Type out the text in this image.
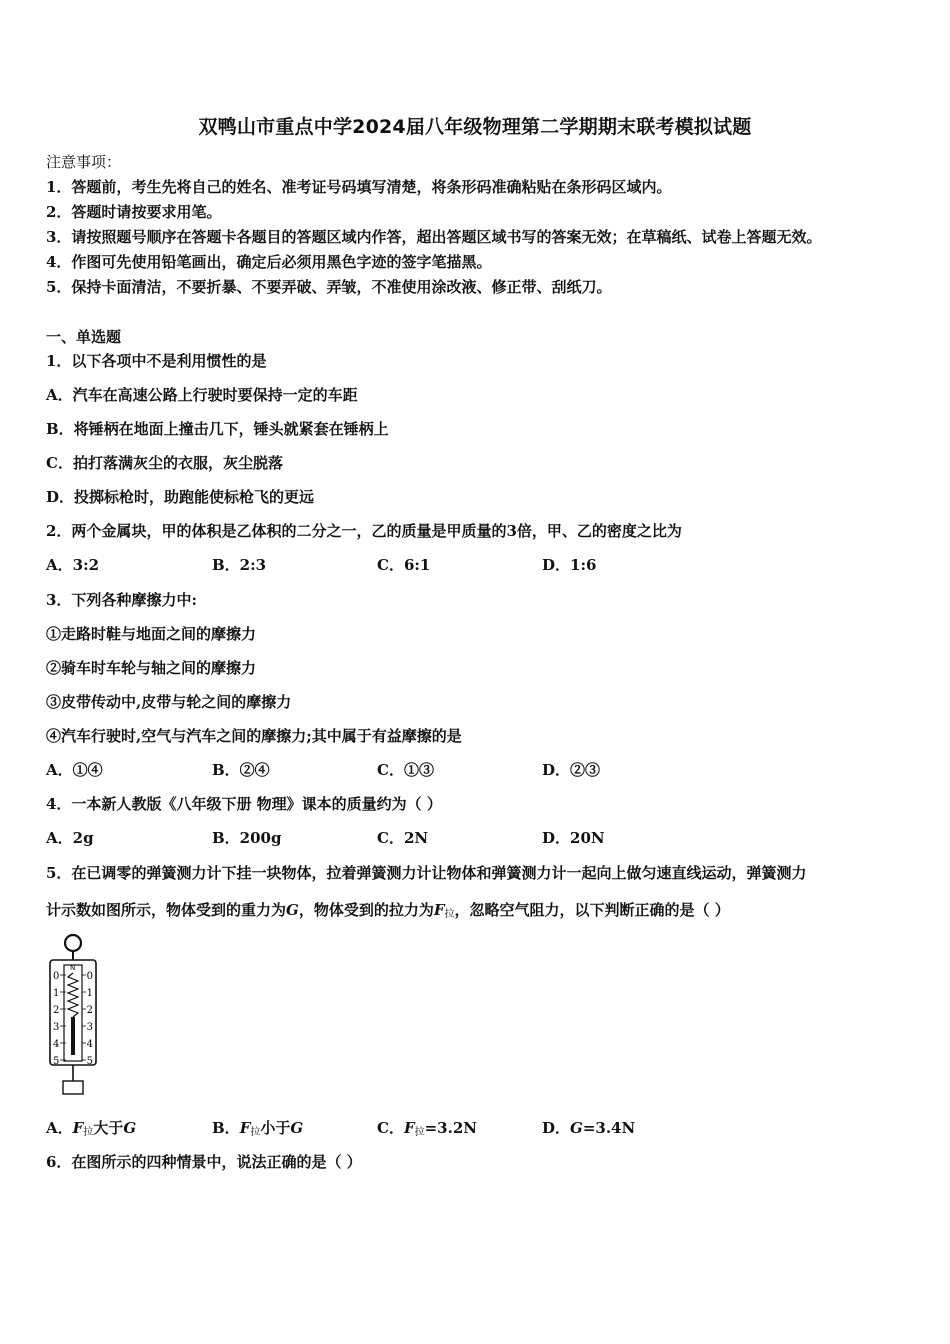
双鸭山市重点中学2024届八年级物理第二学期期末联考模拟试题
注意事项：
1．答题前，考生先将自己的姓名、准考证号码填写清楚，将条形码准确粘贴在条形码区域内。
2．答题时请按要求用笔。
3．请按照题号顺序在答题卡各题目的答题区域内作答，超出答题区域书写的答案无效；在草稿纸、试卷上答题无效。
4．作图可先使用铅笔画出，确定后必须用黑色字迹的签字笔描黑。
5．保持卡面清洁，不要折暴、不要弄破、弄皱，不准使用涂改液、修正带、刮纸刀。
一、单选题
1．以下各项中不是利用惯性的是
A．汽车在高速公路上行驶时要保持一定的车距
B．将锤柄在地面上撞击几下，锤头就紧套在锤柄上
C．拍打落满灰尘的衣服，灰尘脱落
D．投掷标枪时，助跑能使标枪飞的更远
2．两个金属块，甲的体积是乙体积的二分之一，乙的质量是甲质量的3倍，甲、乙的密度之比为
A．3:2	B．2:3	C．6:1	D．1:6
3．下列各种摩擦力中:
①走路时鞋与地面之间的摩擦力
②骑车时车轮与轴之间的摩擦力
③皮带传动中,皮带与轮之间的摩擦力
④汽车行驶时,空气与汽车之间的摩擦力;其中属于有益摩擦的是
A．①④	B．②④	C．①③	D．②③
4．一本新人教版《八年级下册 物理》课本的质量约为（ ）
A．2g	B．200g	C．2N	D．20N
5．在已调零的弹簧测力计下挂一块物体，拉着弹簧测力计让物体和弹簧测力计一起向上做匀速直线运动，弹簧测力
计示数如图所示，物体受到的重力为G，物体受到的拉力为$F_拉$，忽略空气阻力，以下判断正确的是（ ）
N
0	0
1	1
2	2
3	3
4	4
5	5
A．$F_拉$大于G	B．$F_拉$小于G	C．$F_拉=3.2N$	D．G=3.4N
6．在图所示的四种情景中，说法正确的是（ ）
